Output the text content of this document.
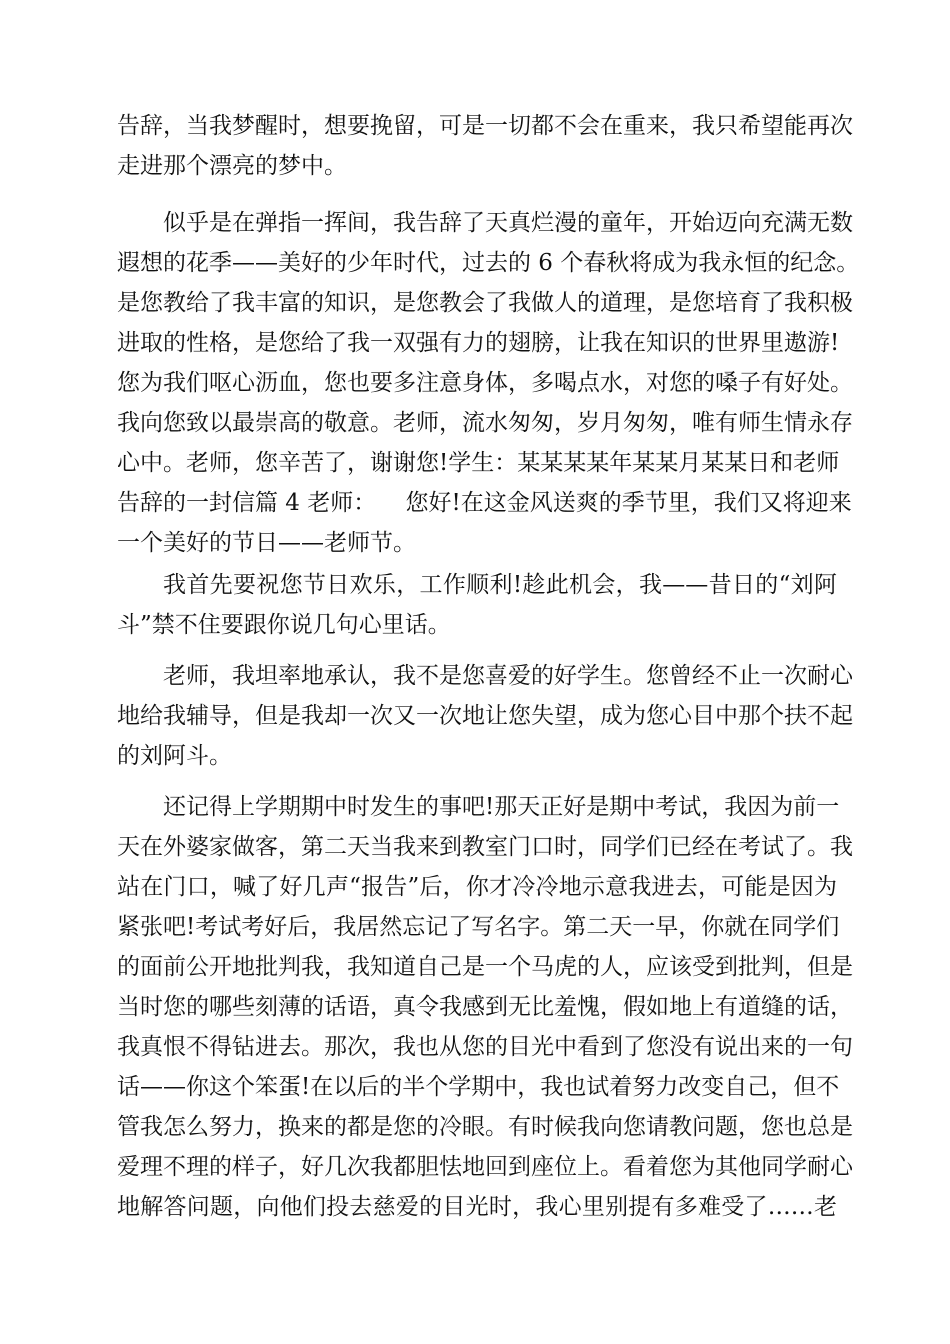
告辞，当我梦醒时，想要挽留，可是一切都不会在重来，我只希望能再次
走进那个漂亮的梦中。
似乎是在弹指一挥间，我告辞了天真烂漫的童年，开始迈向充满无数
遐想的花季——美好的少年时代，过去的 6 个春秋将成为我永恒的纪念。
是您教给了我丰富的知识，是您教会了我做人的道理，是您培育了我积极
进取的性格，是您给了我一双强有力的翅膀，让我在知识的世界里遨游!
您为我们呕心沥血，您也要多注意身体，多喝点水，对您的嗓子有好处。
我向您致以最崇高的敬意。老师，流水匆匆，岁月匆匆，唯有师生情永存
心中。老师，您辛苦了，谢谢您!学生：某某某某年某某月某某日和老师
告辞的一封信篇 4 老师：    您好!在这金风送爽的季节里，我们又将迎来
一个美好的节日——老师节。
我首先要祝您节日欢乐，工作顺利!趁此机会，我——昔日的“刘阿
斗”禁不住要跟你说几句心里话。
老师，我坦率地承认，我不是您喜爱的好学生。您曾经不止一次耐心
地给我辅导，但是我却一次又一次地让您失望，成为您心目中那个扶不起
的刘阿斗。
还记得上学期期中时发生的事吧!那天正好是期中考试，我因为前一
天在外婆家做客，第二天当我来到教室门口时，同学们已经在考试了。我
站在门口，喊了好几声“报告”后，你才冷冷地示意我进去，可能是因为
紧张吧!考试考好后，我居然忘记了写名字。第二天一早，你就在同学们
的面前公开地批判我，我知道自己是一个马虎的人，应该受到批判，但是
当时您的哪些刻薄的话语，真令我感到无比羞愧，假如地上有道缝的话，
我真恨不得钻进去。那次，我也从您的目光中看到了您没有说出来的一句
话——你这个笨蛋!在以后的半个学期中，我也试着努力改变自己，但不
管我怎么努力，换来的都是您的冷眼。有时候我向您请教问题，您也总是
爱理不理的样子，好几次我都胆怯地回到座位上。看着您为其他同学耐心
地解答问题，向他们投去慈爱的目光时，我心里别提有多难受了……老
